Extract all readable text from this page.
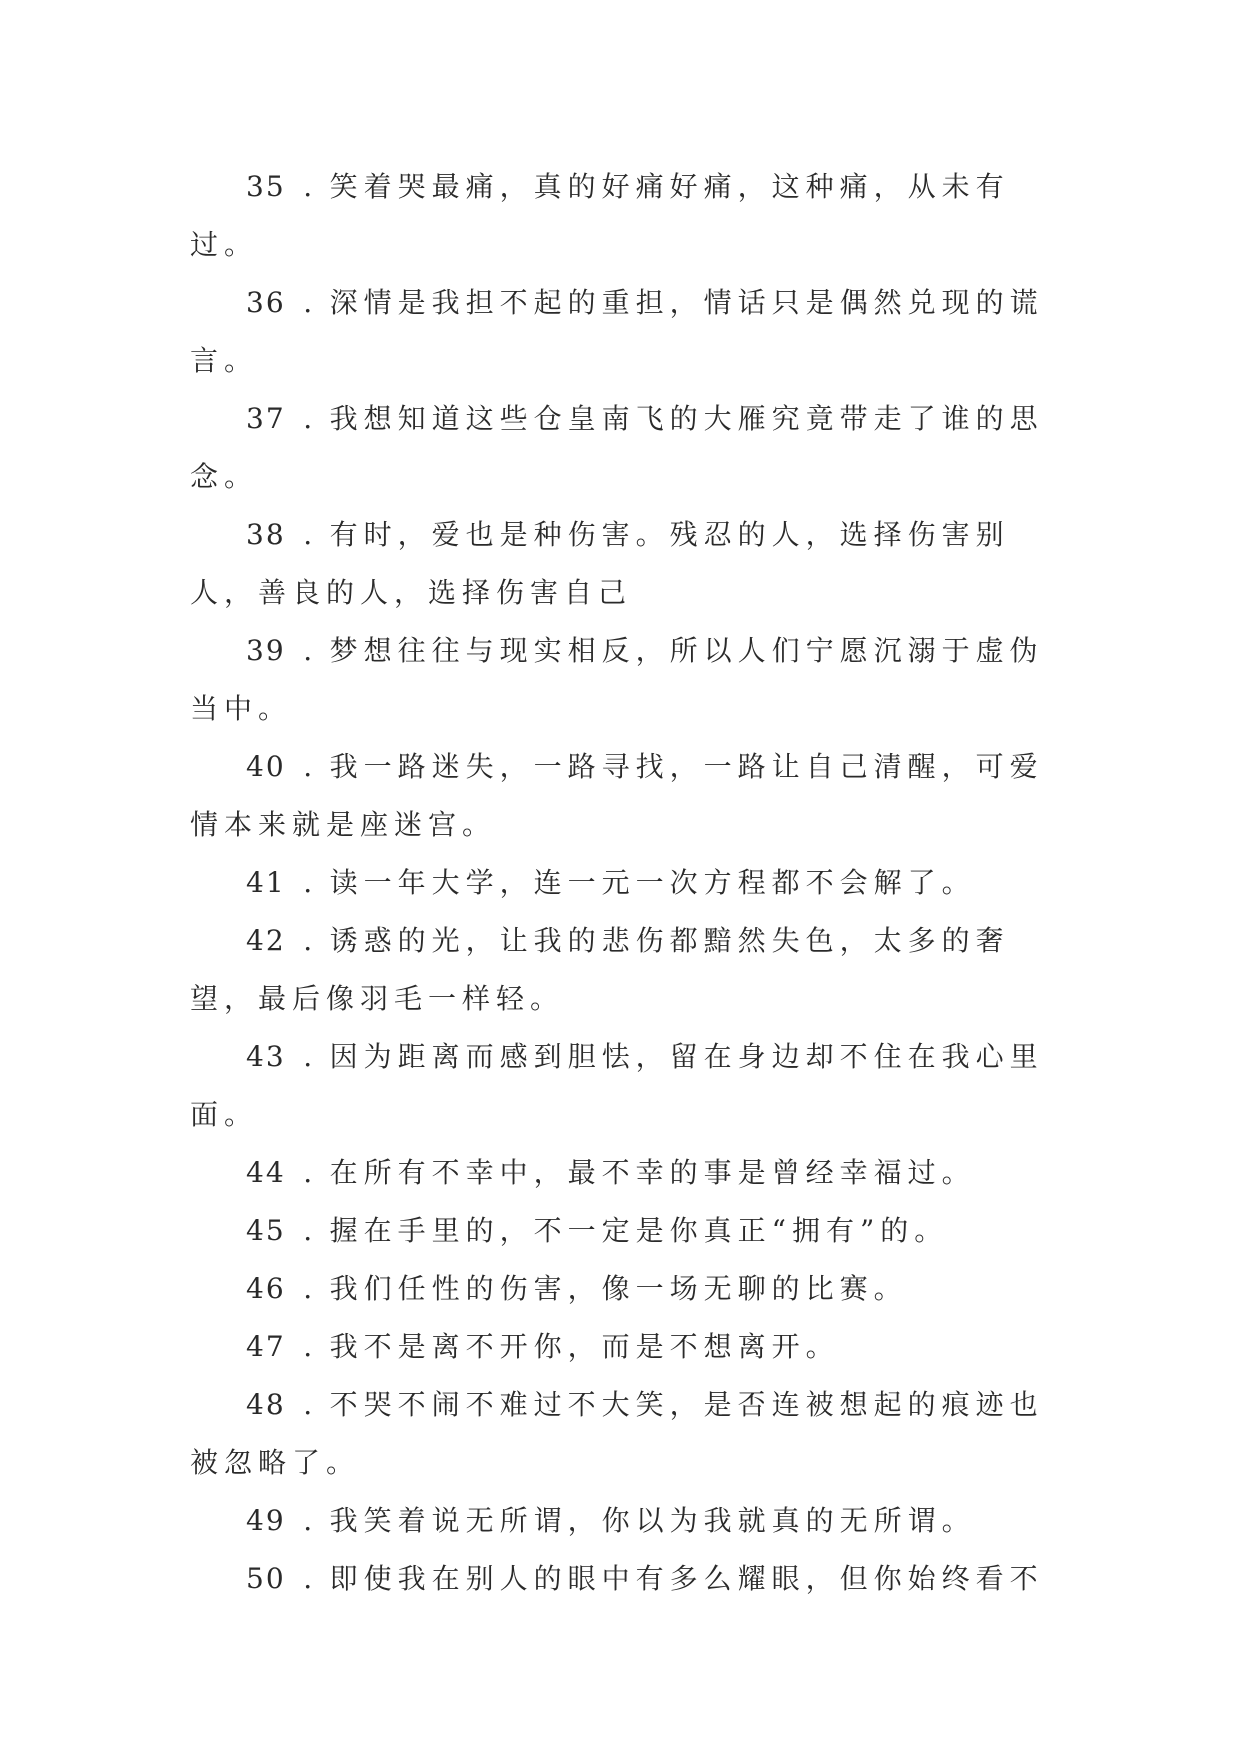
35 . 笑着哭最痛，真的好痛好痛，这种痛，从未有过。

36 . 深情是我担不起的重担，情话只是偶然兑现的谎言。

37 . 我想知道这些仓皇南飞的大雁究竟带走了谁的思念。

38 . 有时，爱也是种伤害。残忍的人，选择伤害别人，善良的人，选择伤害自己

39 . 梦想往往与现实相反，所以人们宁愿沉溺于虚伪当中。

40 . 我一路迷失，一路寻找，一路让自己清醒，可爱情本来就是座迷宫。

41 . 读一年大学，连一元一次方程都不会解了。

42 . 诱惑的光，让我的悲伤都黯然失色，太多的奢望，最后像羽毛一样轻。

43 . 因为距离而感到胆怯，留在身边却不住在我心里面。

44 . 在所有不幸中，最不幸的事是曾经幸福过。

45 . 握在手里的，不一定是你真正“拥有”的。

46 . 我们任性的伤害，像一场无聊的比赛。

47 . 我不是离不开你，而是不想离开。

48 . 不哭不闹不难过不大笑，是否连被想起的痕迹也被忽略了。

49 . 我笑着说无所谓，你以为我就真的无所谓。

50 . 即使我在别人的眼中有多么耀眼，但你始终看不
